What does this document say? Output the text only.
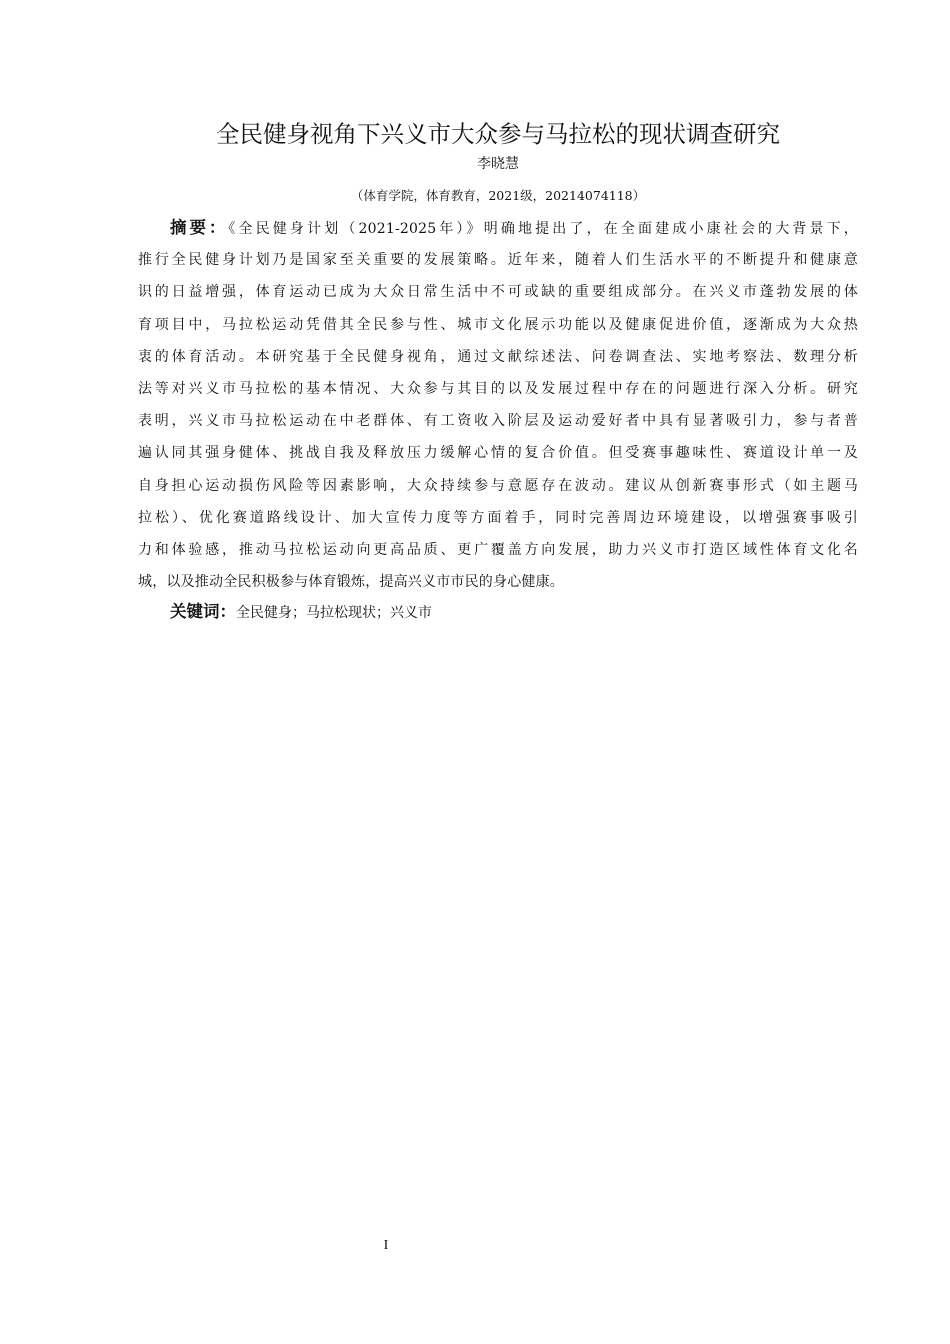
全民健身视角下兴义市大众参与马拉松的现状调查研究
李晓慧
（体育学院，体育教育，2021级，20214074118）
摘要：《全民健身计划（2021-2025年）》明确地提出了，在全面建成小康社会的大背景下，
推行全民健身计划乃是国家至关重要的发展策略。近年来，随着人们生活水平的不断提升和健康意
识的日益增强，体育运动已成为大众日常生活中不可或缺的重要组成部分。在兴义市蓬勃发展的体
育项目中，马拉松运动凭借其全民参与性、城市文化展示功能以及健康促进价值，逐渐成为大众热
衷的体育活动。本研究基于全民健身视角，通过文献综述法、问卷调查法、实地考察法、数理分析
法等对兴义市马拉松的基本情况、大众参与其目的以及发展过程中存在的问题进行深入分析。研究
表明，兴义市马拉松运动在中老群体、有工资收入阶层及运动爱好者中具有显著吸引力，参与者普
遍认同其强身健体、挑战自我及释放压力缓解心情的复合价值。但受赛事趣味性、赛道设计单一及
自身担心运动损伤风险等因素影响，大众持续参与意愿存在波动。建议从创新赛事形式（如主题马
拉松）、优化赛道路线设计、加大宣传力度等方面着手，同时完善周边环境建设，以增强赛事吸引
力和体验感，推动马拉松运动向更高品质、更广覆盖方向发展，助力兴义市打造区域性体育文化名
城，以及推动全民积极参与体育锻炼，提高兴义市市民的身心健康。
关键词：全民健身；马拉松现状；兴义市
I
